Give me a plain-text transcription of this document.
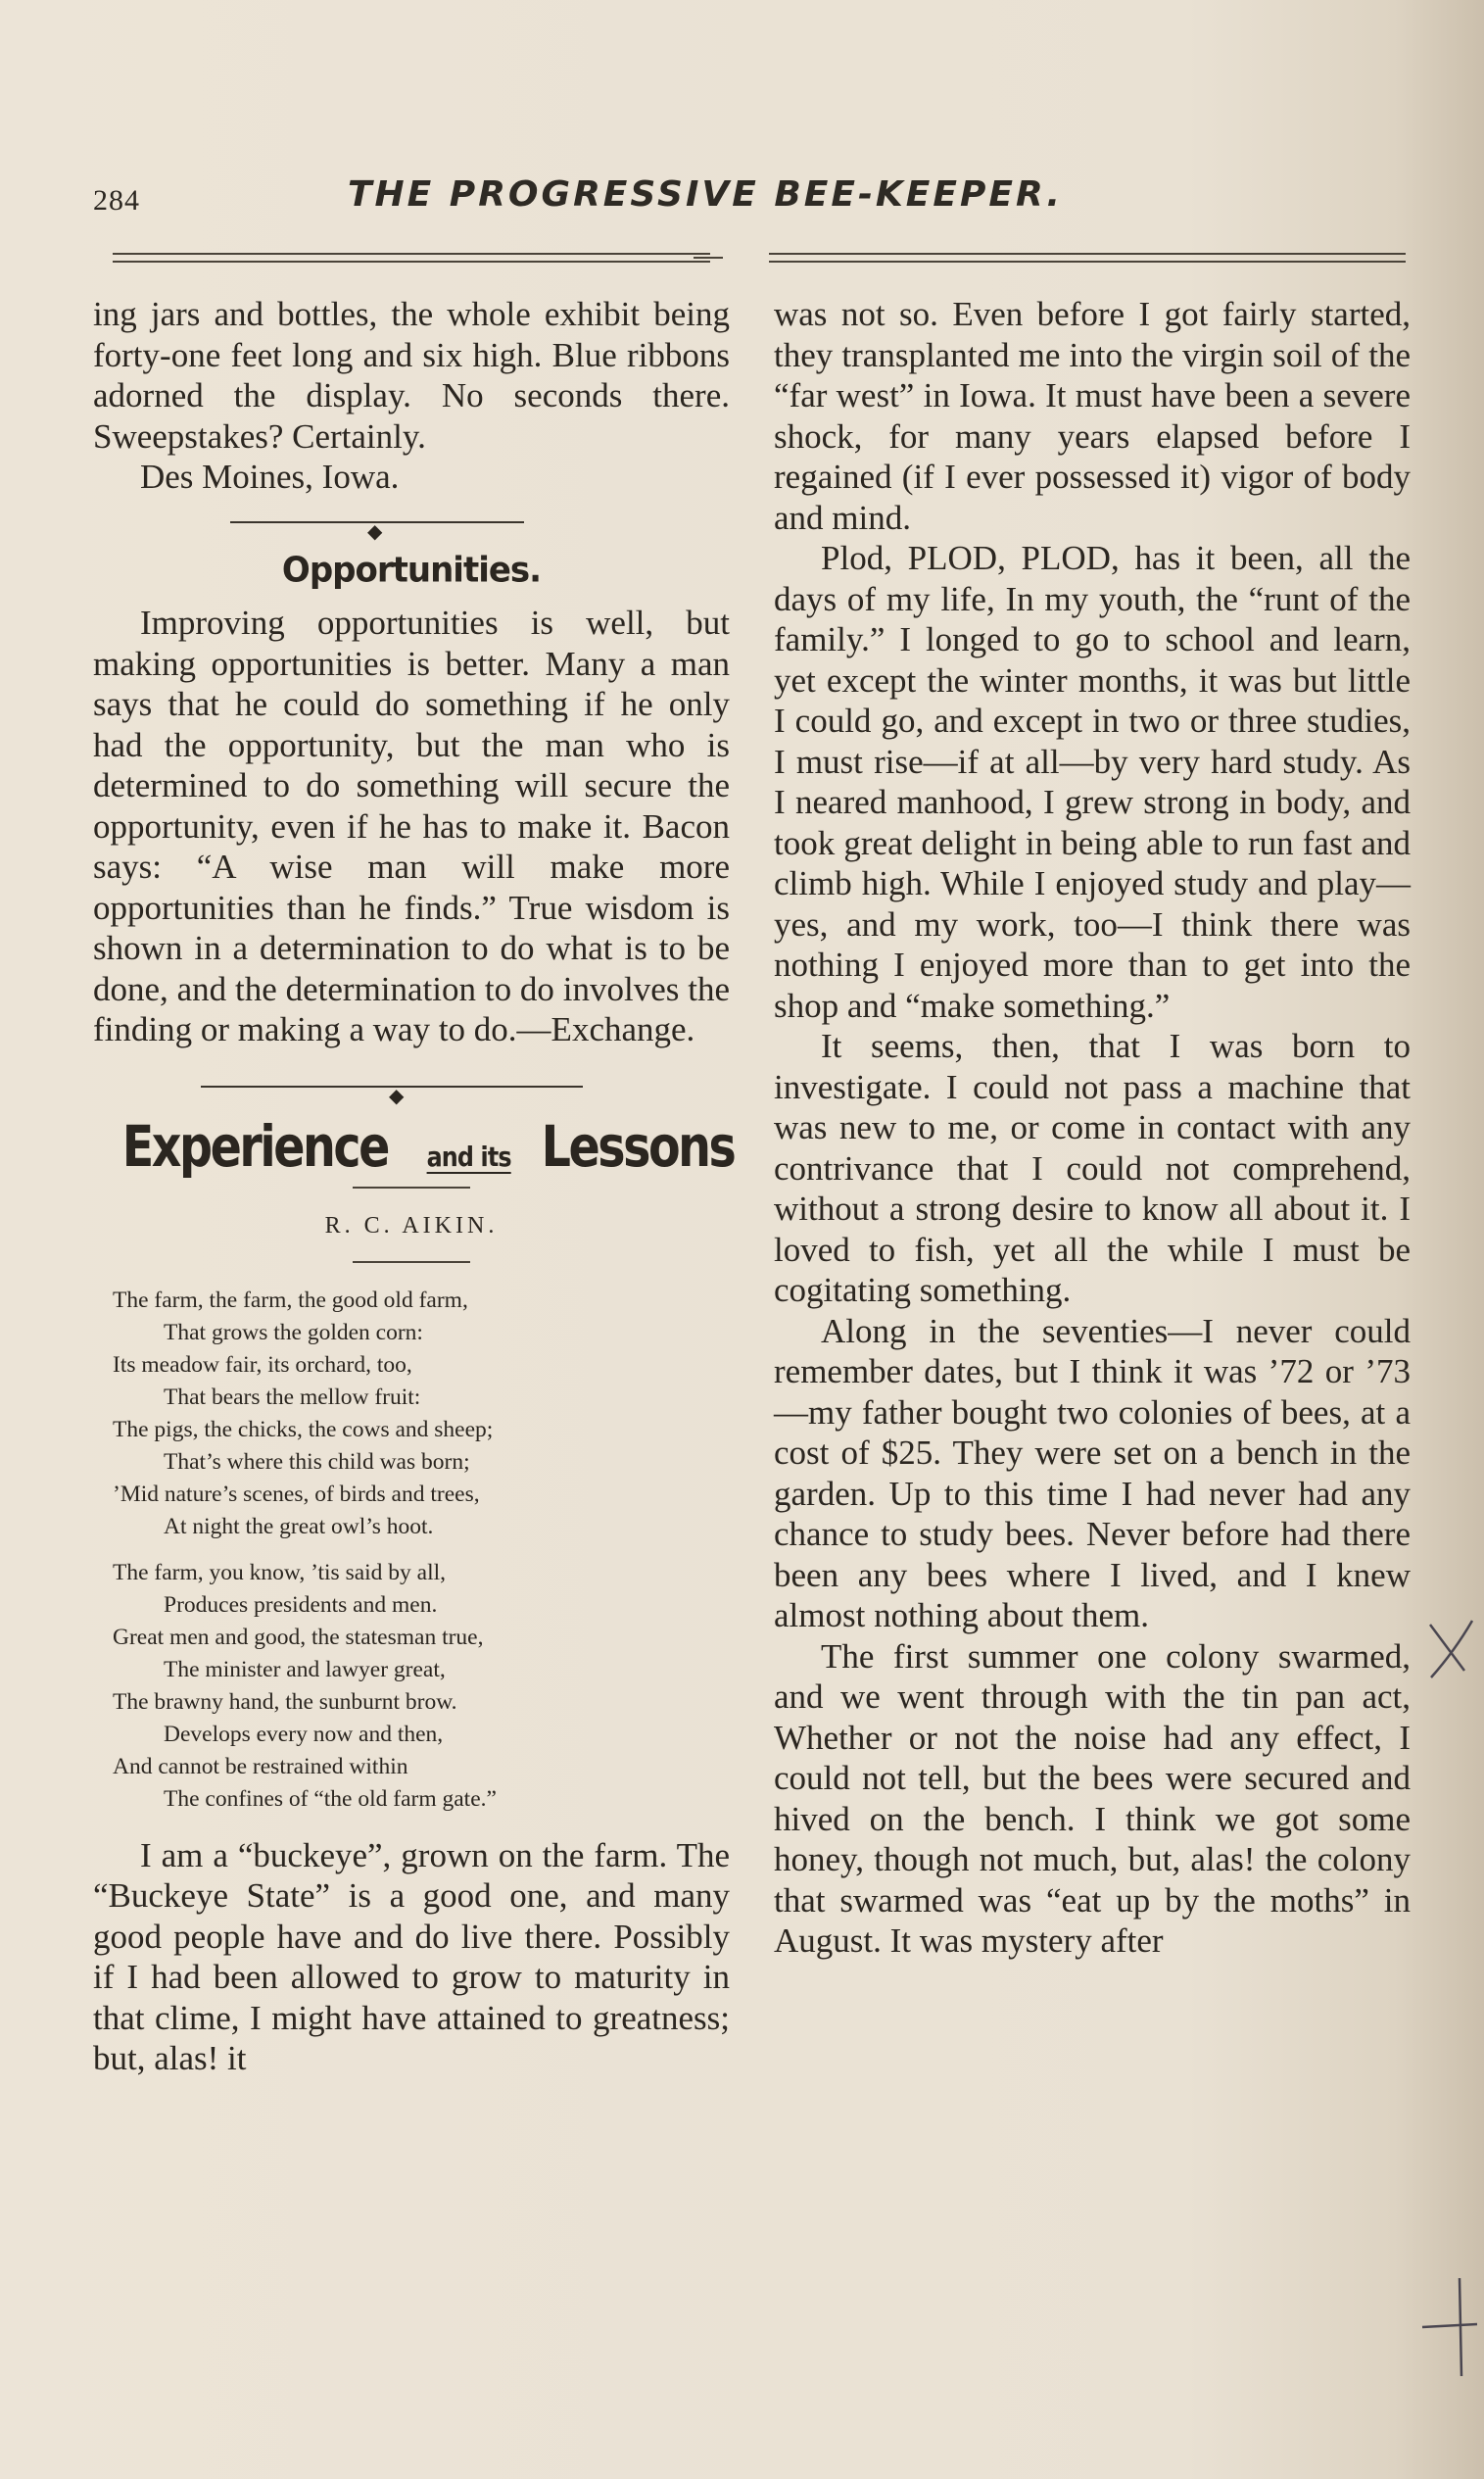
284	THE PROGRESSIVE BEE-KEEPER.

ing jars and bottles, the whole exhibit being forty-one feet long and six high. Blue ribbons adorned the display. No seconds there. Sweepstakes? Certainly.

Des Moines, Iowa.

◆
Opportunities.

Improving opportunities is well, but making opportunities is better. Many a man says that he could do something if he only had the opportunity, but the man who is determined to do something will secure the opportunity, even if he has to make it. Bacon says: “A wise man will make more opportunities than he finds.” True wisdom is shown in a determination to do what is to be done, and the determination to do involves the finding or making a way to do.—Exchange.

◆
Experience and its Lessons
R. C. AIKIN.
The farm, the farm, the good old farm,
That grows the golden corn:
Its meadow fair, its orchard, too,
That bears the mellow fruit:
The pigs, the chicks, the cows and sheep;
That’s where this child was born;
’Mid nature’s scenes, of birds and trees,
At night the great owl’s hoot.
The farm, you know, ’tis said by all,
Produces presidents and men.
Great men and good, the statesman true,
The minister and lawyer great,
The brawny hand, the sunburnt brow.
Develops every now and then,
And cannot be restrained within
The confines of “the old farm gate.”

I am a “buckeye”, grown on the farm. The “Buckeye State” is a good one, and many good people have and do live there. Possibly if I had been allowed to grow to maturity in that clime, I might have attained to greatness; but, alas! it

was not so. Even before I got fairly started, they transplanted me into the virgin soil of the “far west” in Iowa. It must have been a severe shock, for many years elapsed before I regained (if I ever possessed it) vigor of body and mind.

Plod, PLOD, PLOD, has it been, all the days of my life, In my youth, the “runt of the family.” I longed to go to school and learn, yet except the winter months, it was but little I could go, and except in two or three studies, I must rise—if at all—by very hard study. As I neared manhood, I grew strong in body, and took great delight in being able to run fast and climb high. While I enjoyed study and play—yes, and my work, too—I think there was nothing I enjoyed more than to get into the shop and “make something.”

It seems, then, that I was born to investigate. I could not pass a machine that was new to me, or come in contact with any contrivance that I could not comprehend, without a strong desire to know all about it. I loved to fish, yet all the while I must be cogitating something.

Along in the seventies—I never could remember dates, but I think it was ’72 or ’73—my father bought two colonies of bees, at a cost of $25. They were set on a bench in the garden. Up to this time I had never had any chance to study bees. Never before had there been any bees where I lived, and I knew almost nothing about them.

The first summer one colony swarmed, and we went through with the tin pan act, Whether or not the noise had any effect, I could not tell, but the bees were secured and hived on the bench. I think we got some honey, though not much, but, alas! the colony that swarmed was “eat up by the moths” in August. It was mystery after
